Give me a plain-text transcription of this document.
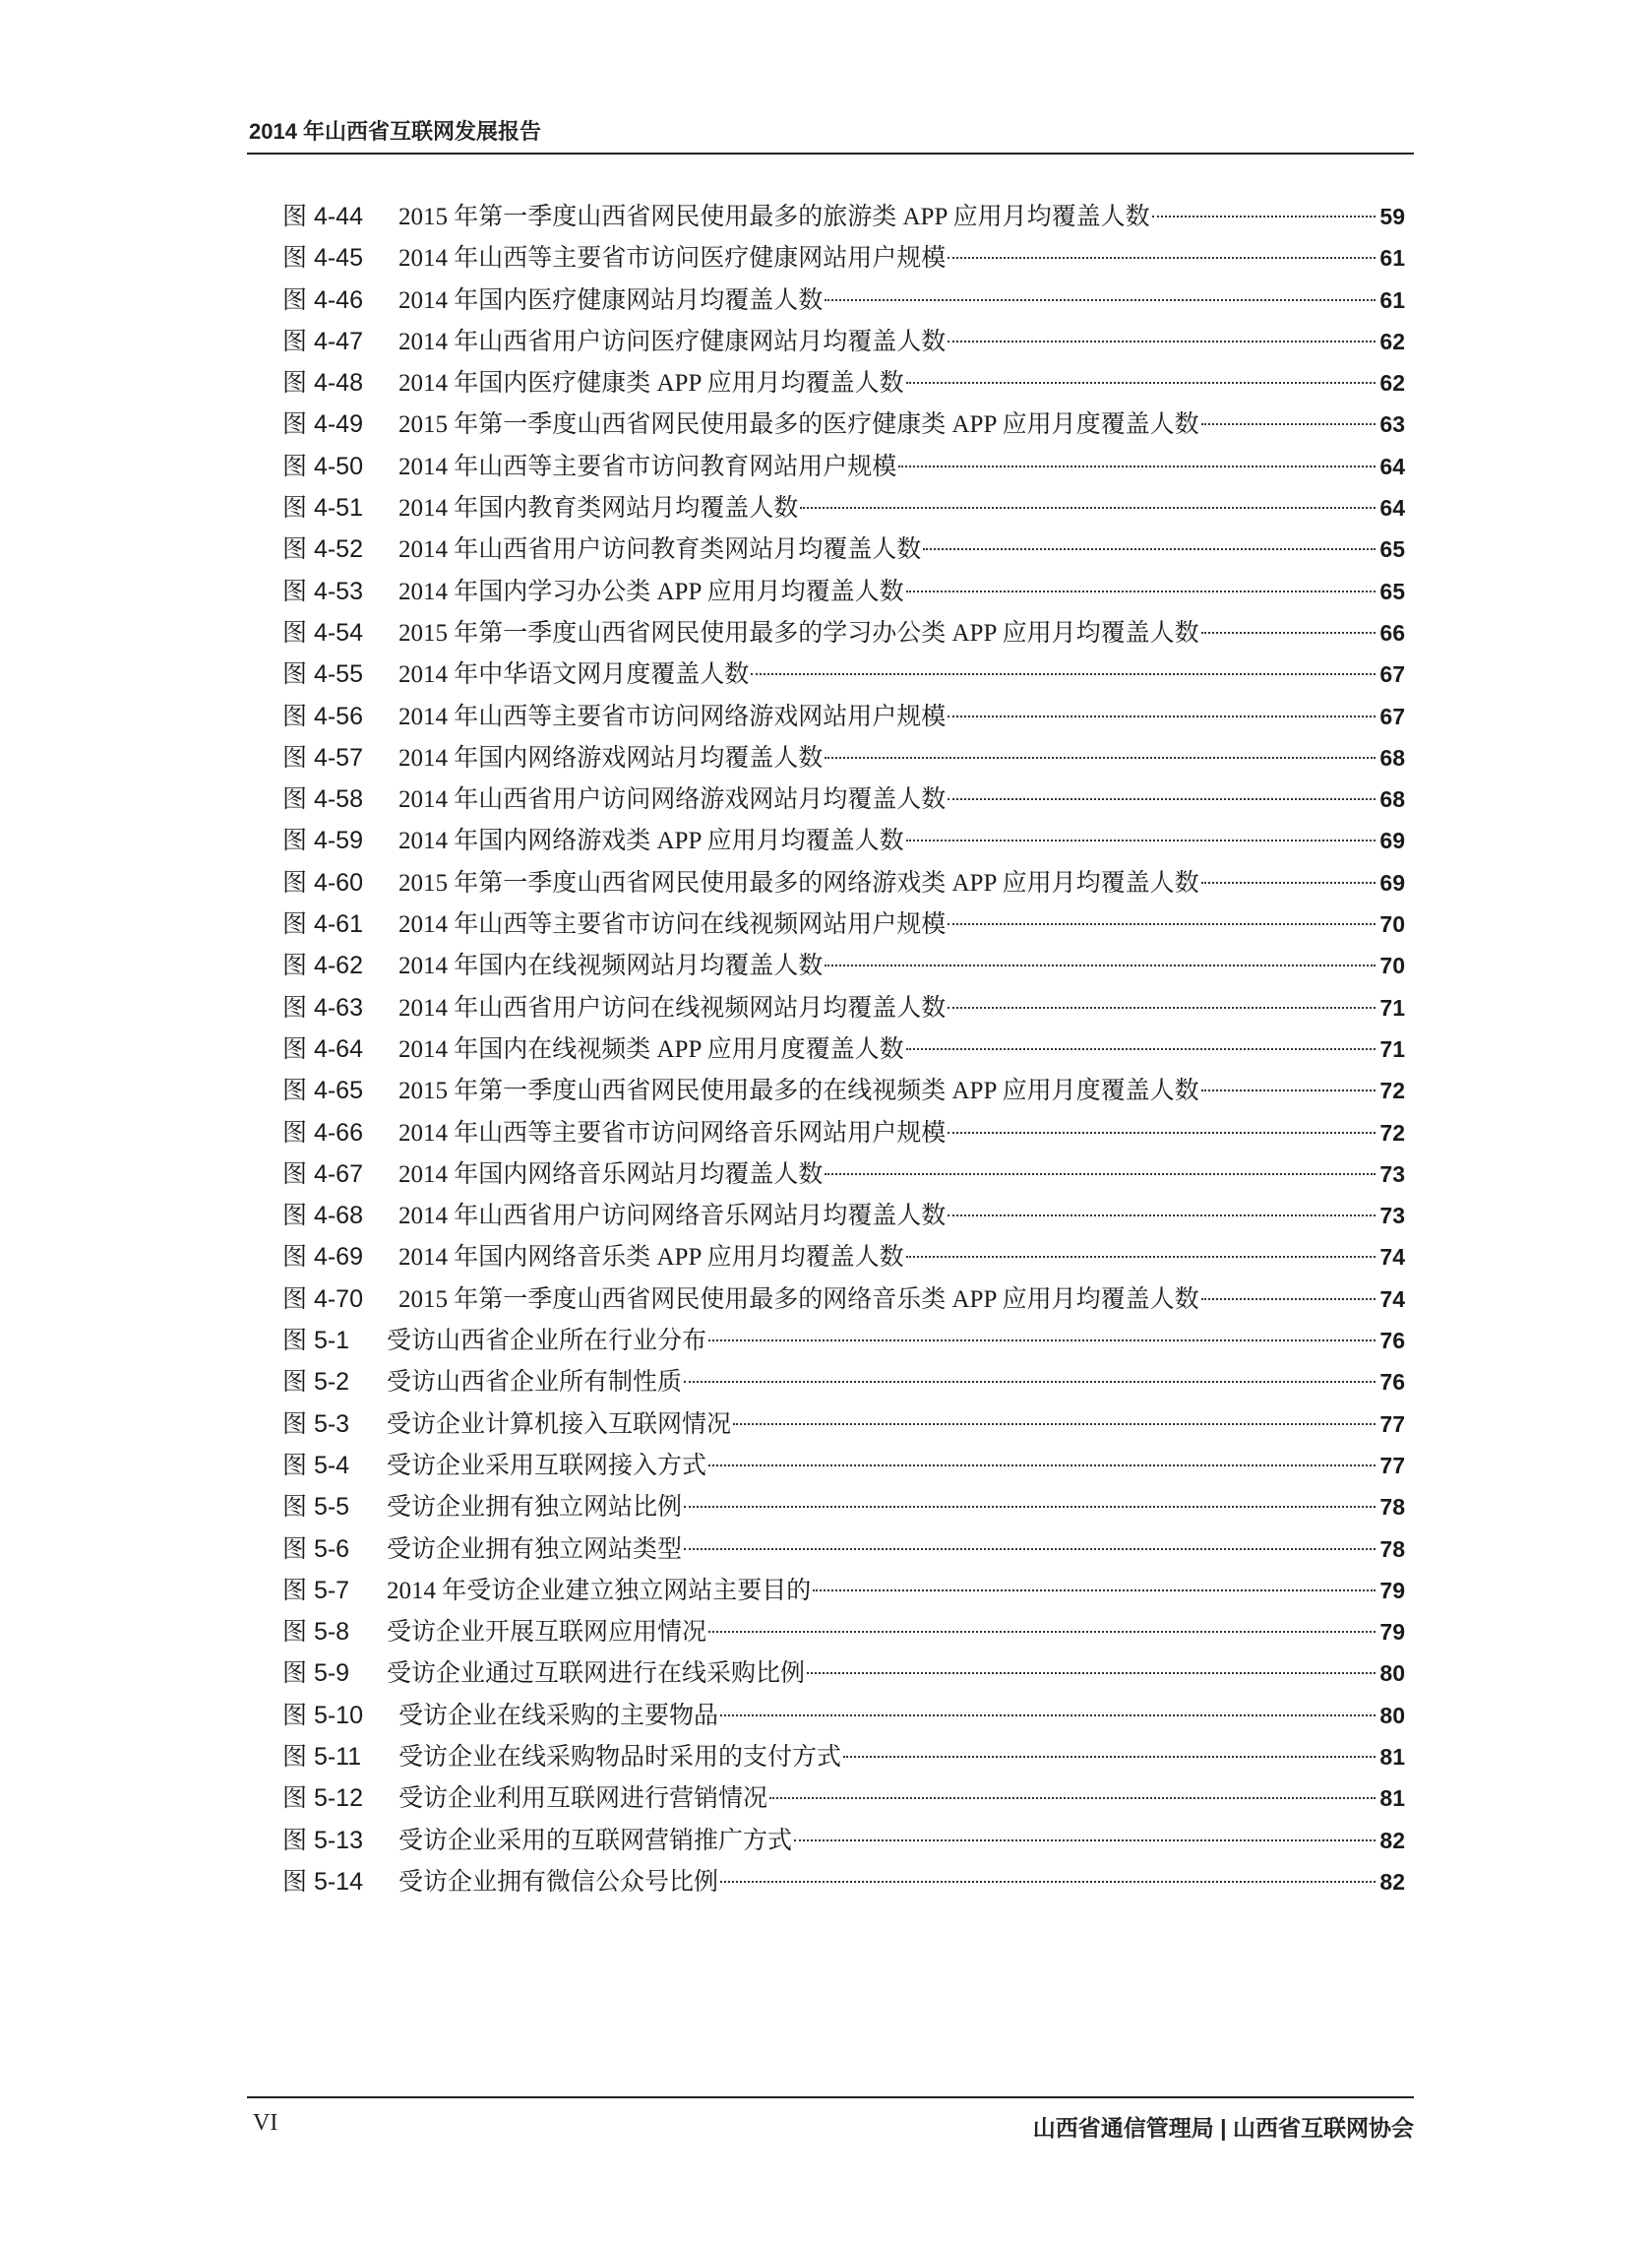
2014 年山西省互联网发展报告
图 4-44	2015 年第一季度山西省网民使用最多的旅游类 APP 应用月均覆盖人数	59
图 4-45	2014 年山西等主要省市访问医疗健康网站用户规模	61
图 4-46	2014 年国内医疗健康网站月均覆盖人数	61
图 4-47	2014 年山西省用户访问医疗健康网站月均覆盖人数	62
图 4-48	2014 年国内医疗健康类 APP 应用月均覆盖人数	62
图 4-49	2015 年第一季度山西省网民使用最多的医疗健康类 APP 应用月度覆盖人数	63
图 4-50	2014 年山西等主要省市访问教育网站用户规模	64
图 4-51	2014 年国内教育类网站月均覆盖人数	64
图 4-52	2014 年山西省用户访问教育类网站月均覆盖人数	65
图 4-53	2014 年国内学习办公类 APP 应用月均覆盖人数	65
图 4-54	2015 年第一季度山西省网民使用最多的学习办公类 APP 应用月均覆盖人数	66
图 4-55	2014 年中华语文网月度覆盖人数	67
图 4-56	2014 年山西等主要省市访问网络游戏网站用户规模	67
图 4-57	2014 年国内网络游戏网站月均覆盖人数	68
图 4-58	2014 年山西省用户访问网络游戏网站月均覆盖人数	68
图 4-59	2014 年国内网络游戏类 APP 应用月均覆盖人数	69
图 4-60	2015 年第一季度山西省网民使用最多的网络游戏类 APP 应用月均覆盖人数	69
图 4-61	2014 年山西等主要省市访问在线视频网站用户规模	70
图 4-62	2014 年国内在线视频网站月均覆盖人数	70
图 4-63	2014 年山西省用户访问在线视频网站月均覆盖人数	71
图 4-64	2014 年国内在线视频类 APP 应用月度覆盖人数	71
图 4-65	2015 年第一季度山西省网民使用最多的在线视频类 APP 应用月度覆盖人数	72
图 4-66	2014 年山西等主要省市访问网络音乐网站用户规模	72
图 4-67	2014 年国内网络音乐网站月均覆盖人数	73
图 4-68	2014 年山西省用户访问网络音乐网站月均覆盖人数	73
图 4-69	2014 年国内网络音乐类 APP 应用月均覆盖人数	74
图 4-70	2015 年第一季度山西省网民使用最多的网络音乐类 APP 应用月均覆盖人数	74
图 5-1	受访山西省企业所在行业分布	76
图 5-2	受访山西省企业所有制性质	76
图 5-3	受访企业计算机接入互联网情况	77
图 5-4	受访企业采用互联网接入方式	77
图 5-5	受访企业拥有独立网站比例	78
图 5-6	受访企业拥有独立网站类型	78
图 5-7	2014 年受访企业建立独立网站主要目的	79
图 5-8	受访企业开展互联网应用情况	79
图 5-9	受访企业通过互联网进行在线采购比例	80
图 5-10	受访企业在线采购的主要物品	80
图 5-11	受访企业在线采购物品时采用的支付方式	81
图 5-12	受访企业利用互联网进行营销情况	81
图 5-13	受访企业采用的互联网营销推广方式	82
图 5-14	受访企业拥有微信公众号比例	82
VI	山西省通信管理局 | 山西省互联网协会
